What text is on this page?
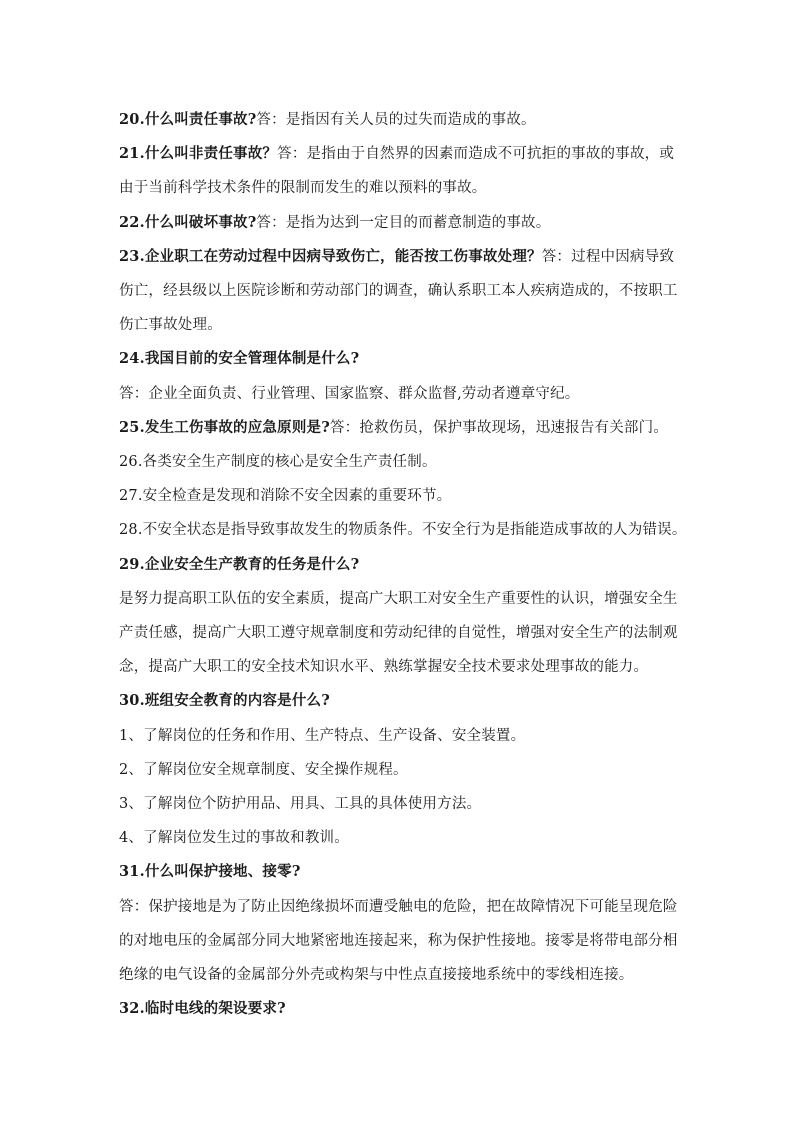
20.什么叫责任事故?答：是指因有关人员的过失而造成的事故。
21.什么叫非责任事故？答：是指由于自然界的因素而造成不可抗拒的事故的事故，或
由于当前科学技术条件的限制而发生的难以预料的事故。
22.什么叫破坏事故?答：是指为达到一定目的而蓄意制造的事故。
23.企业职工在劳动过程中因病导致伤亡，能否按工伤事故处理？答：过程中因病导致
伤亡，经县级以上医院诊断和劳动部门的调查，确认系职工本人疾病造成的，不按职工
伤亡事故处理。
24.我国目前的安全管理体制是什么?
答：企业全面负责、行业管理、国家监察、群众监督,劳动者遵章守纪。
25.发生工伤事故的应急原则是?答：抢救伤员，保护事故现场，迅速报告有关部门。
26.各类安全生产制度的核心是安全生产责任制。
27.安全检查是发现和消除不安全因素的重要环节。
28.不安全状态是指导致事故发生的物质条件。不安全行为是指能造成事故的人为错误。
29.企业安全生产教育的任务是什么?
是努力提高职工队伍的安全素质，提高广大职工对安全生产重要性的认识，增强安全生
产责任感，提高广大职工遵守规章制度和劳动纪律的自觉性，增强对安全生产的法制观
念，提高广大职工的安全技术知识水平、熟练掌握安全技术要求处理事故的能力。
30.班组安全教育的内容是什么?
1、了解岗位的任务和作用、生产特点、生产设备、安全装置。
2、了解岗位安全规章制度、安全操作规程。
3、了解岗位个防护用品、用具、工具的具体使用方法。
4、了解岗位发生过的事故和教训。
31.什么叫保护接地、接零?
答：保护接地是为了防止因绝缘损坏而遭受触电的危险，把在故障情况下可能呈现危险
的对地电压的金属部分同大地紧密地连接起来，称为保护性接地。接零是将带电部分相
绝缘的电气设备的金属部分外壳或构架与中性点直接接地系统中的零线相连接。
32.临时电线的架设要求?
